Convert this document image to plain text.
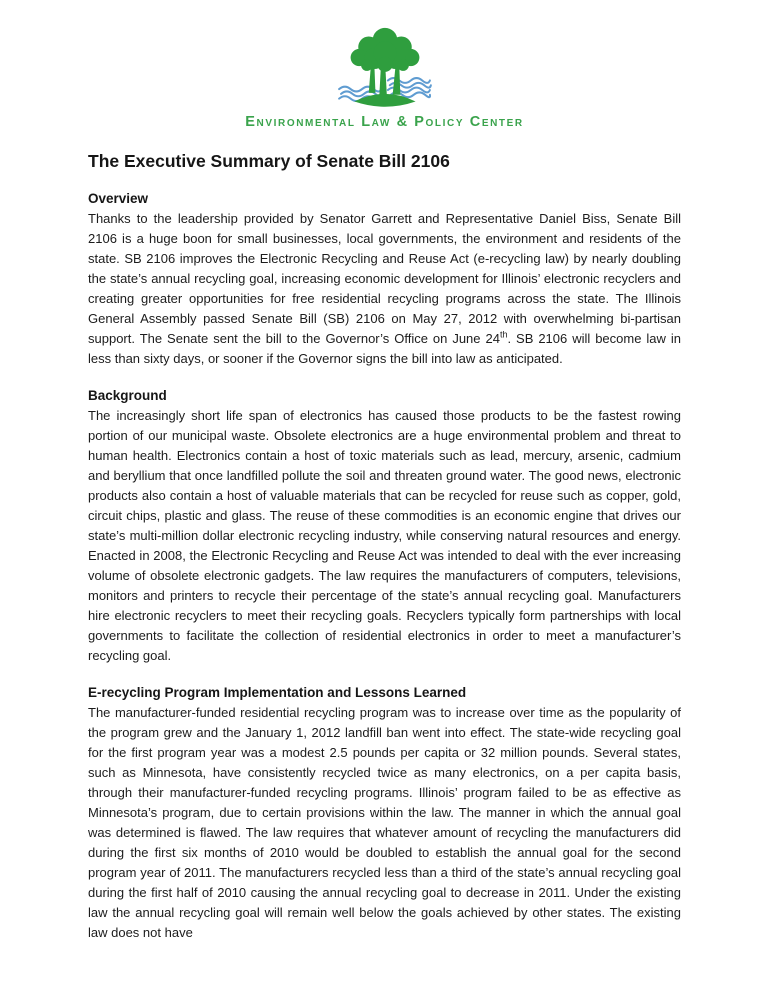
Environmental Law & Policy Center
The Executive Summary of Senate Bill 2106
Overview

Thanks to the leadership provided by Senator Garrett and Representative Daniel Biss, Senate Bill 2106 is a huge boon for small businesses, local governments, the environment and residents of the state. SB 2106 improves the Electronic Recycling and Reuse Act (e-recycling law) by nearly doubling the state’s annual recycling goal, increasing economic development for Illinois’ electronic recyclers and creating greater opportunities for free residential recycling programs across the state. The Illinois General Assembly passed Senate Bill (SB) 2106 on May 27, 2012 with overwhelming bi-partisan support. The Senate sent the bill to the Governor’s Office on June 24th. SB 2106 will become law in less than sixty days, or sooner if the Governor signs the bill into law as anticipated.

Background

The increasingly short life span of electronics has caused those products to be the fastest rowing portion of our municipal waste. Obsolete electronics are a huge environmental problem and threat to human health. Electronics contain a host of toxic materials such as lead, mercury, arsenic, cadmium and beryllium that once landfilled pollute the soil and threaten ground water. The good news, electronic products also contain a host of valuable materials that can be recycled for reuse such as copper, gold, circuit chips, plastic and glass. The reuse of these commodities is an economic engine that drives our state’s multi-million dollar electronic recycling industry, while conserving natural resources and energy. Enacted in 2008, the Electronic Recycling and Reuse Act was intended to deal with the ever increasing volume of obsolete electronic gadgets. The law requires the manufacturers of computers, televisions, monitors and printers to recycle their percentage of the state’s annual recycling goal. Manufacturers hire electronic recyclers to meet their recycling goals. Recyclers typically form partnerships with local governments to facilitate the collection of residential electronics in order to meet a manufacturer’s recycling goal.

E-recycling Program Implementation and Lessons Learned

The manufacturer-funded residential recycling program was to increase over time as the popularity of the program grew and the January 1, 2012 landfill ban went into effect. The state-wide recycling goal for the first program year was a modest 2.5 pounds per capita or 32 million pounds. Several states, such as Minnesota, have consistently recycled twice as many electronics, on a per capita basis, through their manufacturer-funded recycling programs. Illinois’ program failed to be as effective as Minnesota’s program, due to certain provisions within the law. The manner in which the annual goal was determined is flawed. The law requires that whatever amount of recycling the manufacturers did during the first six months of 2010 would be doubled to establish the annual goal for the second program year of 2011. The manufacturers recycled less than a third of the state’s annual recycling goal during the first half of 2010 causing the annual recycling goal to decrease in 2011. Under the existing law the annual recycling goal will remain well below the goals achieved by other states. The existing law does not have
